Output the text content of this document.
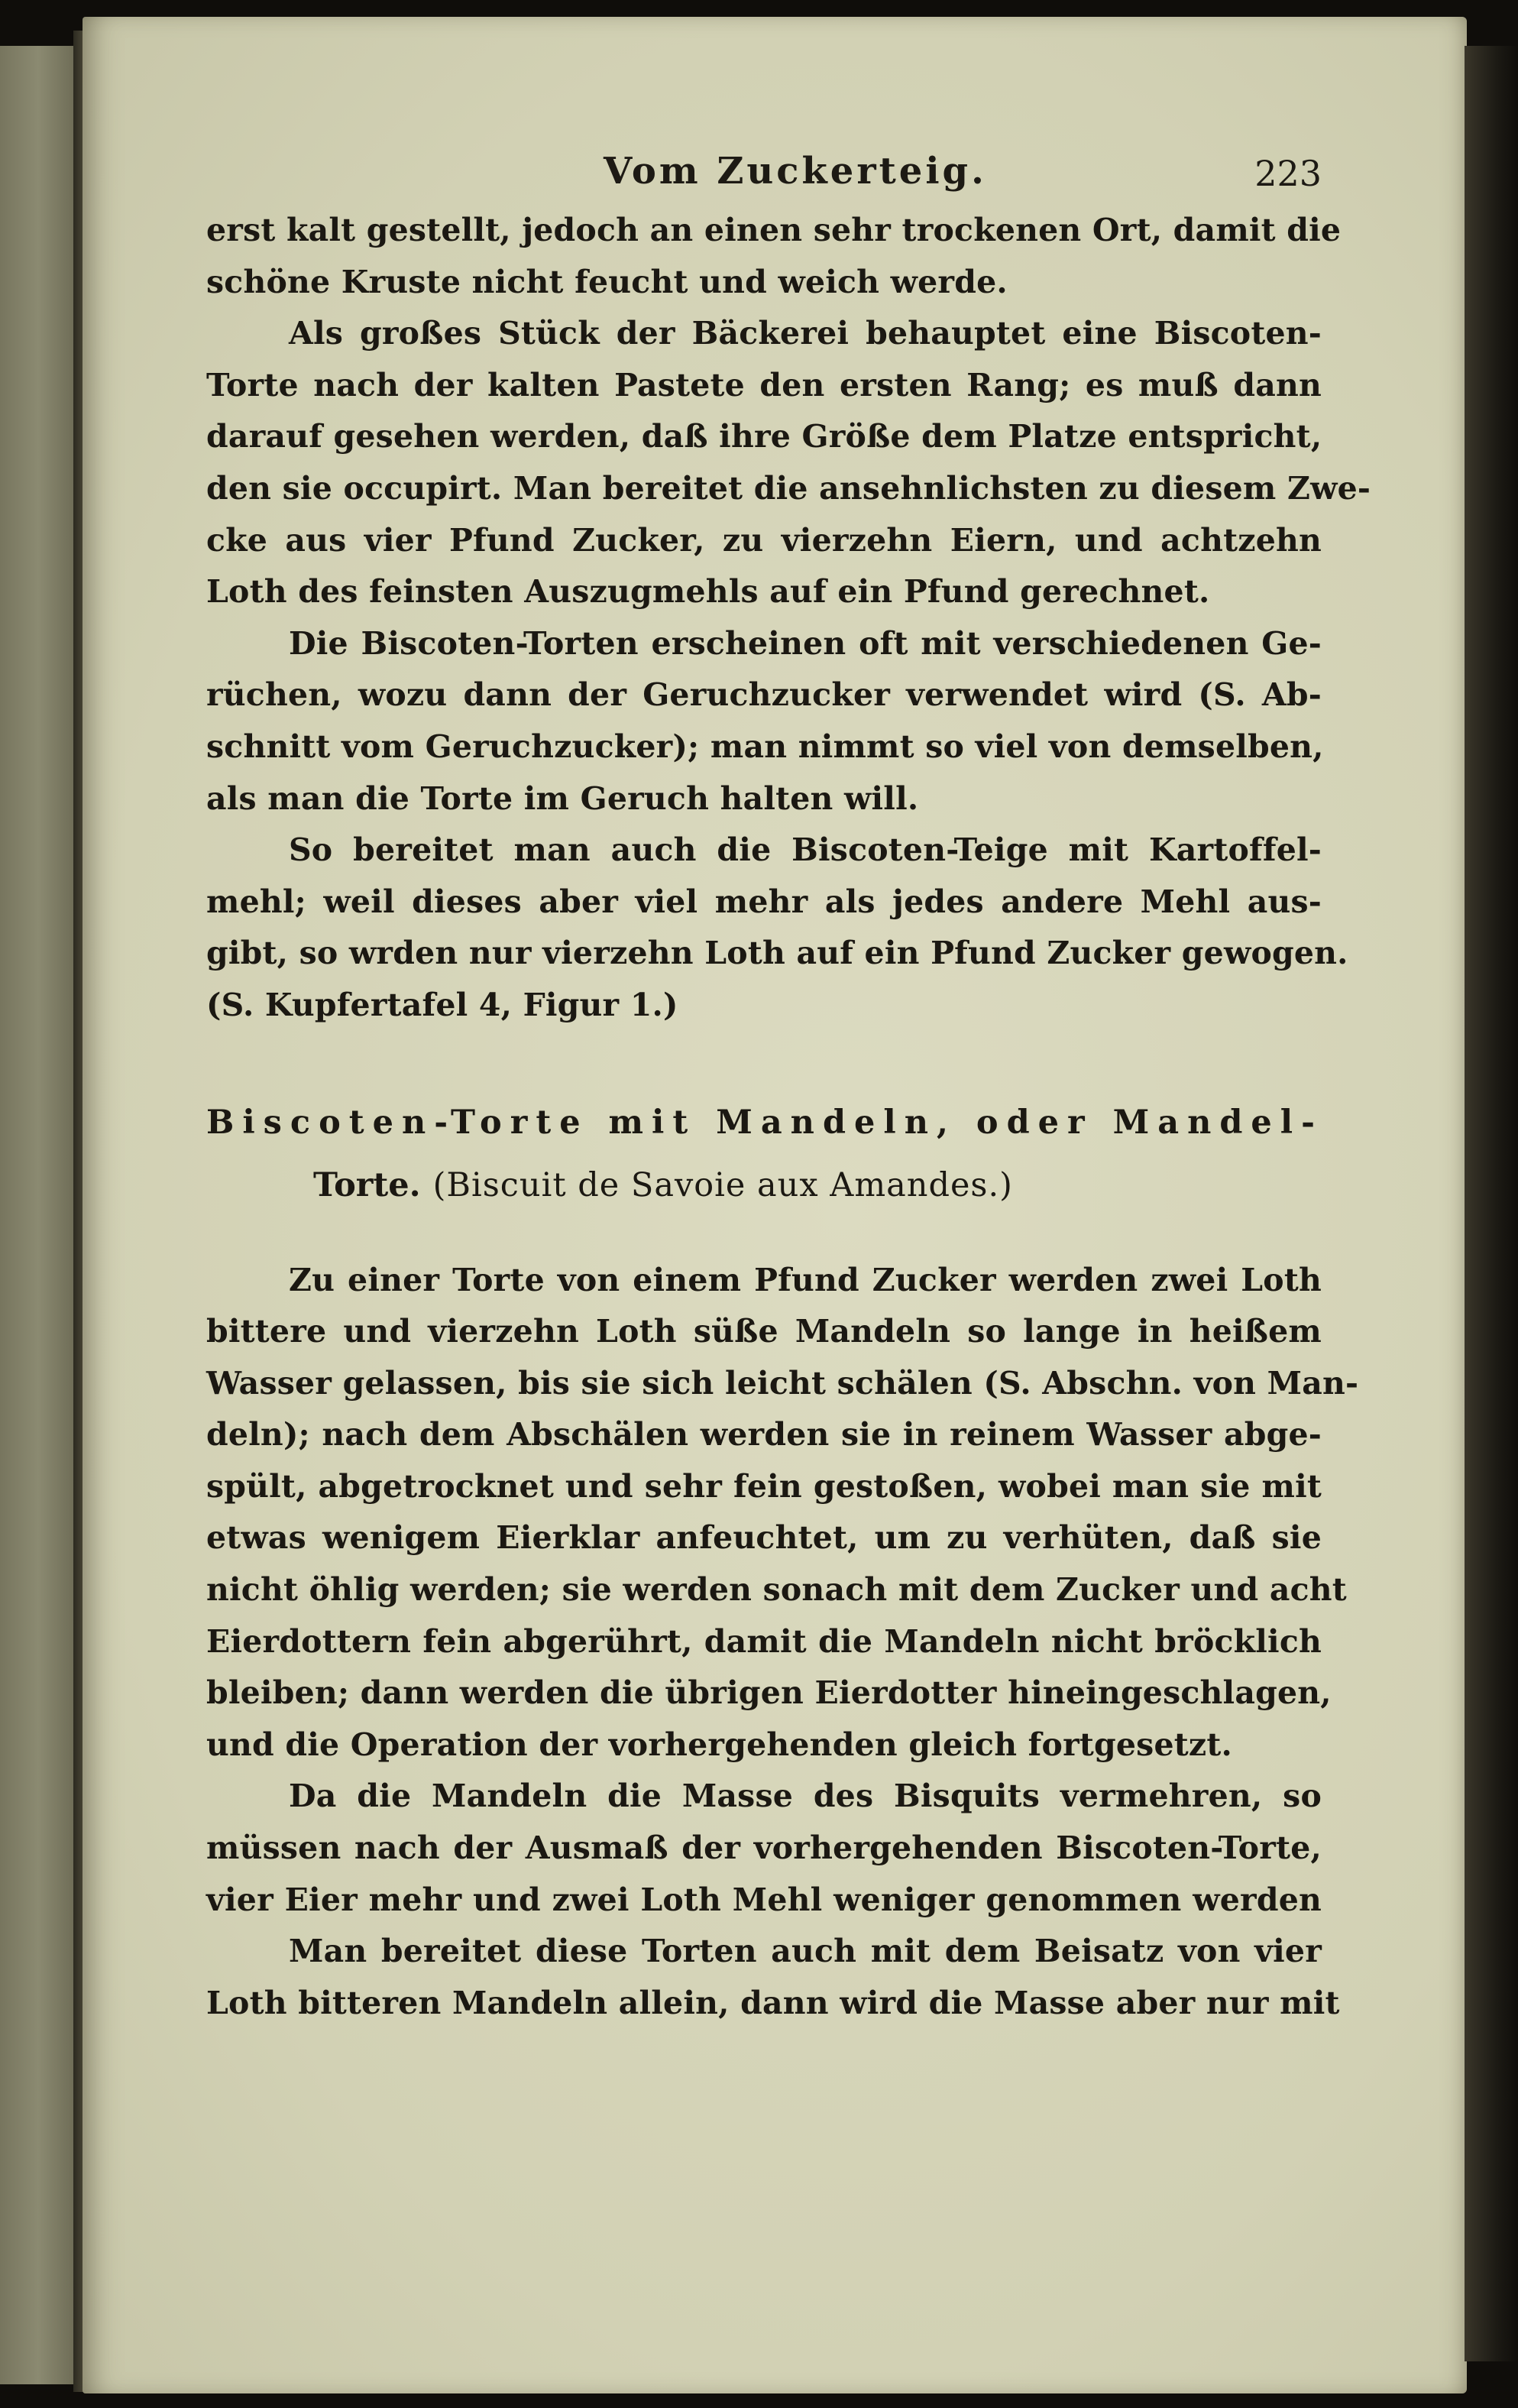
Vom Zuckerteig.	223

erst kalt gestellt, jedoch an einen sehr trockenen Ort, damit die

schöne Kruste nicht feucht und weich werde.

Als großes Stück der Bäckerei behauptet eine Biscoten-

Torte nach der kalten Pastete den ersten Rang; es muß dann

darauf gesehen werden, daß ihre Größe dem Platze entspricht,

den sie occupirt. Man bereitet die ansehnlichsten zu diesem Zwe-

cke aus vier Pfund Zucker, zu vierzehn Eiern, und achtzehn

Loth des feinsten Auszugmehls auf ein Pfund gerechnet.

Die Biscoten-Torten erscheinen oft mit verschiedenen Ge-

rüchen, wozu dann der Geruchzucker verwendet wird (S. Ab-

schnitt vom Geruchzucker); man nimmt so viel von demselben,

als man die Torte im Geruch halten will.

So bereitet man auch die Biscoten-Teige mit Kartoffel-

mehl; weil dieses aber viel mehr als jedes andere Mehl aus-

gibt, so wrden nur vierzehn Loth auf ein Pfund Zucker gewogen.

(S. Kupfertafel 4, Figur 1.)

Biscoten-Torte mit Mandeln, oder Mandel-

Torte. (Biscuit de Savoie aux Amandes.)

Zu einer Torte von einem Pfund Zucker werden zwei Loth

bittere und vierzehn Loth süße Mandeln so lange in heißem

Wasser gelassen, bis sie sich leicht schälen (S. Abschn. von Man-

deln); nach dem Abschälen werden sie in reinem Wasser abge-

spült, abgetrocknet und sehr fein gestoßen, wobei man sie mit

etwas wenigem Eierklar anfeuchtet, um zu verhüten, daß sie

nicht öhlig werden; sie werden sonach mit dem Zucker und acht

Eierdottern fein abgerührt, damit die Mandeln nicht bröcklich

bleiben; dann werden die übrigen Eierdotter hineingeschlagen,

und die Operation der vorhergehenden gleich fortgesetzt.

Da die Mandeln die Masse des Bisquits vermehren, so

müssen nach der Ausmaß der vorhergehenden Biscoten-Torte,

vier Eier mehr und zwei Loth Mehl weniger genommen werden

Man bereitet diese Torten auch mit dem Beisatz von vier

Loth bitteren Mandeln allein, dann wird die Masse aber nur mit
